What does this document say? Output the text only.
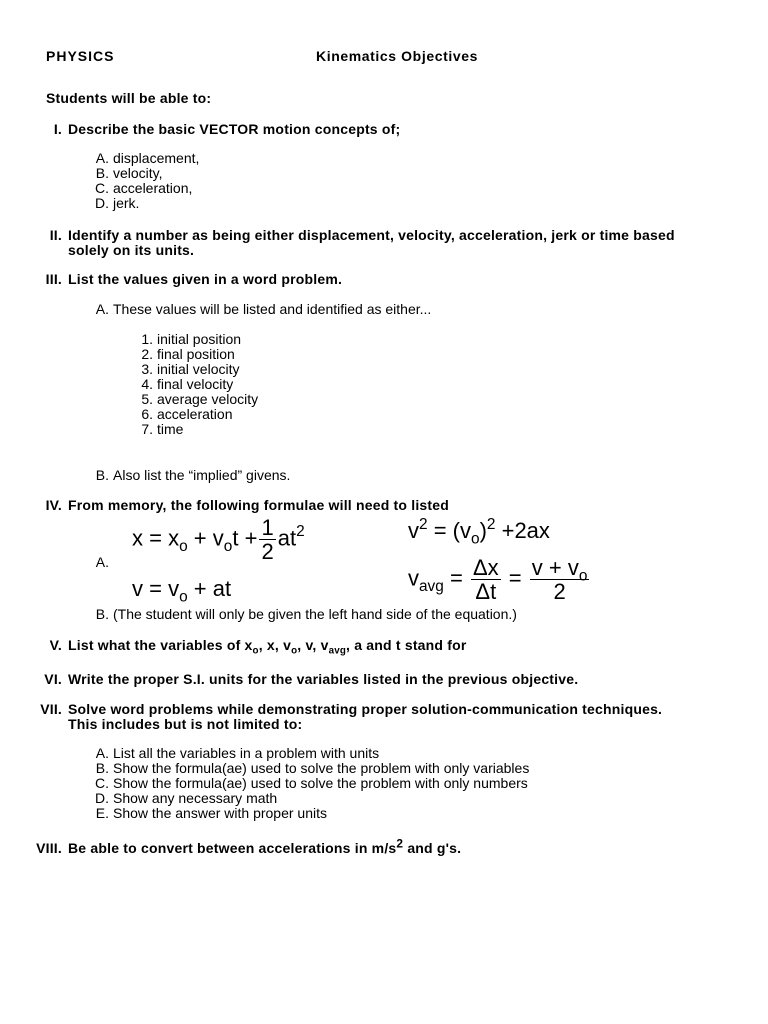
PHYSICS	Kinematics Objectives
Students will be able to:
I. Describe the basic VECTOR motion concepts of;
A. displacement,
B. velocity,
C. acceleration,
D. jerk.
II. Identify a number as being either displacement, velocity, acceleration, jerk or time based
solely on its units.
III. List the values given in a word problem.
A. These values will be listed and identified as either...
1. initial position
2. final position
3. initial velocity
4. final velocity
5. average velocity
6. acceleration
7. time
B. Also list the “implied” givens.
IV. From memory, the following formulae will need to listed
A.
$x = x_o + v_ot + \frac{1}{2} at^2$
$v = v_o$ + at
$v^2 = (v_o)^2 +2ax$
$v_{avg} = \frac{\Delta x}{\Delta t} = \frac{v + v_o}{2}$
B. (The student will only be given the left hand side of the equation.)
V. List what the variables of $x_o$, x, $v_o$, v, $v_{avg}$, a and t stand for
VI. Write the proper S.I. units for the variables listed in the previous objective.
VII. Solve word problems while demonstrating proper solution-communication techniques.
This includes but is not limited to:
A. List all the variables in a problem with units
B. Show the formula(ae) used to solve the problem with only variables
C. Show the formula(ae) used to solve the problem with only numbers
D. Show any necessary math
E. Show the answer with proper units
VIII. Be able to convert between accelerations in $m/s^2$ and g's.
